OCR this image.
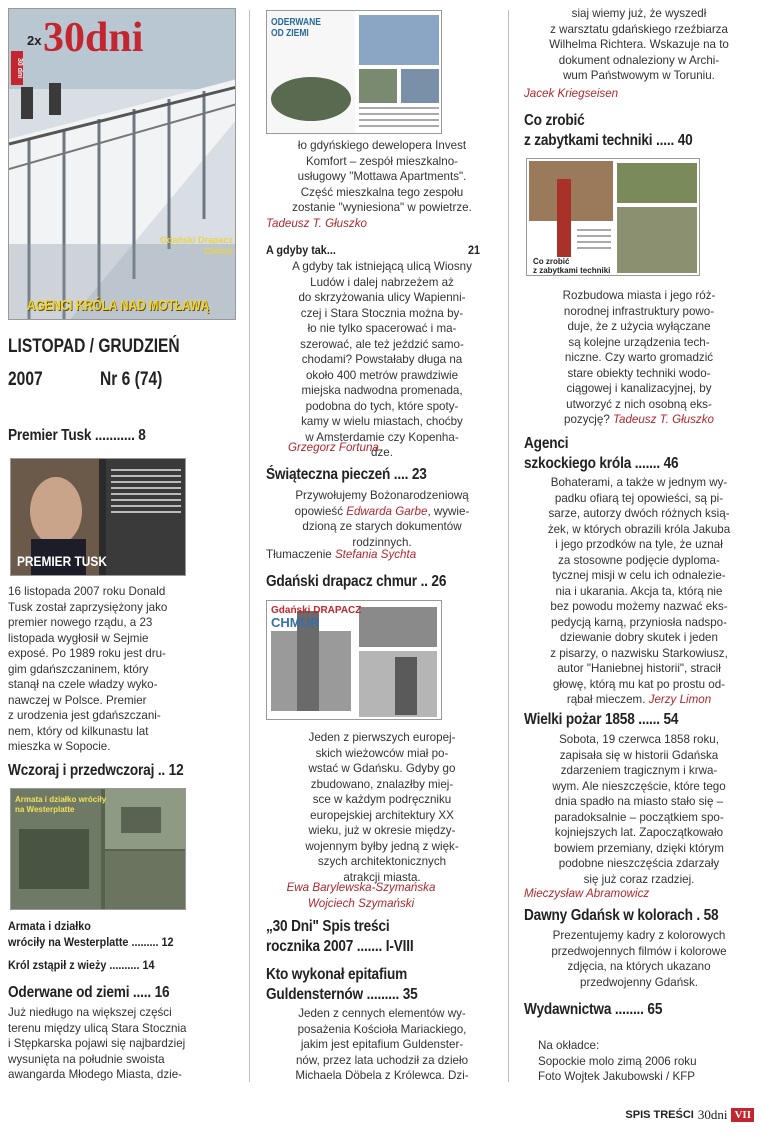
30 dni
2x 30dni
Gdański Drapacz Chmur
AGENCI KRÓLA NAD MOTŁAWĄ
LISTOPAD / GRUDZIEŃ
2007	Nr 6 (74)
Premier Tusk ........... 8
PREMIER TUSK

16 listopada 2007 roku Donald

Tusk został zaprzysiężony jako

premier nowego rządu, a 23

listopada wygłosił w Sejmie

exposé. Po 1989 roku jest dru-

gim gdańszczaninem, który

stanął na czele władzy wyko-

nawczej w Polsce. Premier

z urodzenia jest gdańszczani-

nem, który od kilkunastu lat

mieszka w Sopocie.

Wczoraj i przedwczoraj .. 12
Armata i działko wróciły
na Westerplatte
Armata i działko
wróciły na Westerplatte ......... 12
Król zstąpił z wieży .......... 14
Oderwane od ziemi ..... 16

Już niedługo na większej części

terenu między ulicą Stara Stocznia

i Stępkarska pojawi się najbardziej

wysunięta na południe swoista

awangarda Młodego Miasta, dzie-

ODERWANE
OD ZIEMI

ło gdyńskiego dewelopera Invest

Komfort – zespół mieszkalno-

usługowy "Mottawa Apartments".

Część mieszkalna tego zespołu

zostanie "wyniesiona" w powietrze.

Tadeusz T. Głuszko
A gdyby tak...	21

A gdyby tak istniejącą ulicą Wiosny

Ludów i dalej nabrzeżem aż

do skrzyżowania ulicy Wapienni-

czej i Stara Stocznia można by-

ło nie tylko spacerować i ma-

szerować, ale też jeździć samo-

chodami? Powstałaby długa na

około 400 metrów prawdziwie

miejska nadwodna promenada,

podobna do tych, które spoty-

kamy w wielu miastach, choćby

w Amsterdamie czy Kopenha-

dze.

Grzegorz Fortuna
Świąteczna pieczeń .... 23

Przywołujemy Bożonarodzeniową

opowieść Edwarda Garbe, wywie-

dzioną ze starych dokumentów

rodzinnych.

Tłumaczenie Stefania Sychta

Gdański drapacz chmur .. 26
Gdański DRAPACZ
CHMUR

Jeden z pierwszych europej-

skich wieżowców miał po-

wstać w Gdańsku. Gdyby go

zbudowano, znalazłby miej-

sce w każdym podręczniku

europejskiej architektury XX

wieku, już w okresie między-

wojennym byłby jedną z więk-

szych architektonicznych

atrakcji miasta.

Ewa Barylewska-Szymańska
Wojciech Szymański
„30 Dni" Spis treści
rocznika 2007 ....... I-VIII
Kto wykonał epitafium
Guldensternów ......... 35

Jeden z cennych elementów wy-

posażenia Kościoła Mariackiego,

jakim jest epitafium Guldenster-

nów, przez lata uchodził za dzieło

Michaela Döbela z Królewca. Dzi-

siaj wiemy już, że wyszedł

z warsztatu gdańskiego rzeźbiarza

Wilhelma Richtera. Wskazuje na to

dokument odnaleziony w Archi-

wum Państwowym w Toruniu.

Jacek Kriegseisen
Co zrobić
z zabytkami techniki ..... 40
Co zrobić
z zabytkami techniki

Rozbudowa miasta i jego róż-

norodnej infrastruktury powo-

duje, że z użycia wyłączane

są kolejne urządzenia tech-

niczne. Czy warto gromadzić

stare obiekty techniki wodo-

ciągowej i kanalizacyjnej, by

utworzyć z nich osobną eks-

pozycję? Tadeusz T. Głuszko

Agenci
szkockiego króla ....... 46

Bohaterami, a także w jednym wy-

padku ofiarą tej opowieści, są pi-

sarze, autorzy dwóch różnych ksią-

żek, w których obrazili króla Jakuba

i jego przodków na tyle, że uznał

za stosowne podjęcie dyploma-

tycznej misji w celu ich odnalezie-

nia i ukarania. Akcja ta, którą nie

bez powodu możemy nazwać eks-

pedycją karną, przyniosła nadspo-

dziewanie dobry skutek i jeden

z pisarzy, o nazwisku Starkowiusz,

autor "Haniebnej historii", stracił

głowę, którą mu kat po prostu od-

rąbał mieczem. Jerzy Limon

Wielki pożar 1858 ...... 54

Sobota, 19 czerwca 1858 roku,

zapisała się w historii Gdańska

zdarzeniem tragicznym i krwa-

wym. Ale nieszczęście, które tego

dnia spadło na miasto stało się –

paradoksalnie – początkiem spo-

kojniejszych lat. Zapoczątkowało

bowiem przemiany, dzięki którym

podobne nieszczęścia zdarzały

się już coraz rzadziej.

Mieczysław Abramowicz
Dawny Gdańsk w kolorach . 58

Prezentujemy kadry z kolorowych

przedwojennych filmów i kolorowe

zdjęcia, na których ukazano

przedwojenny Gdańsk.

Wydawnictwa ........ 65

Na okładce:

Sopockie molo zimą 2006 roku

Foto Wojtek Jakubowski / KFP

SPIS TREŚCI 30dni VII
